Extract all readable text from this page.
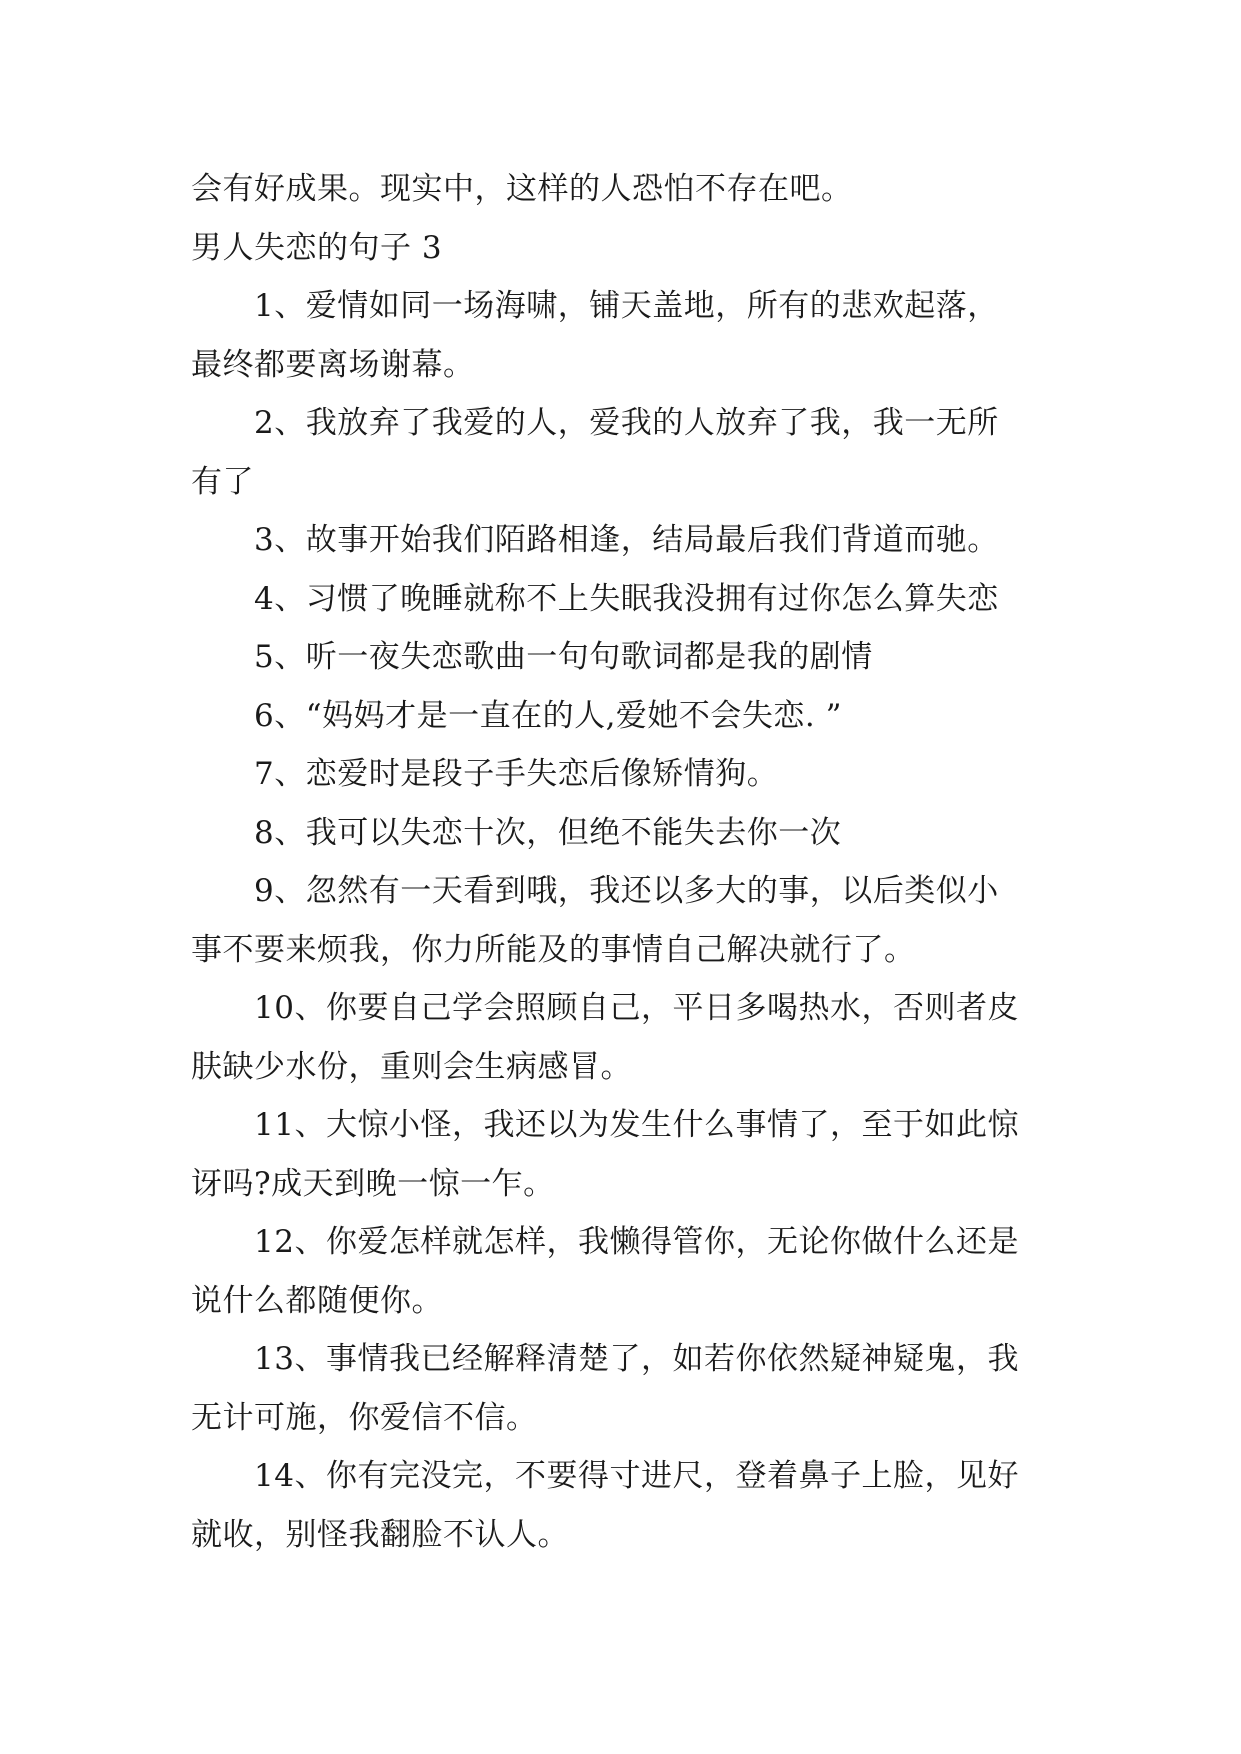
会有好成果。现实中，这样的人恐怕不存在吧。
男人失恋的句子 3
1、爱情如同一场海啸，铺天盖地，所有的悲欢起落，
最终都要离场谢幕。
2、我放弃了我爱的人，爱我的人放弃了我，我一无所
有了
3、故事开始我们陌路相逢，结局最后我们背道而驰。
4、习惯了晚睡就称不上失眠我没拥有过你怎么算失恋
5、听一夜失恋歌曲一句句歌词都是我的剧情
6、“妈妈才是一直在的人,爱她不会失恋. ”
7、恋爱时是段子手失恋后像矫情狗。
8、我可以失恋十次，但绝不能失去你一次
9、忽然有一天看到哦，我还以多大的事，以后类似小
事不要来烦我，你力所能及的事情自己解决就行了。
10、你要自己学会照顾自己，平日多喝热水，否则者皮
肤缺少水份，重则会生病感冒。
11、大惊小怪，我还以为发生什么事情了，至于如此惊
讶吗?成天到晚一惊一乍。
12、你爱怎样就怎样，我懒得管你，无论你做什么还是
说什么都随便你。
13、事情我已经解释清楚了，如若你依然疑神疑鬼，我
无计可施，你爱信不信。
14、你有完没完，不要得寸进尺，登着鼻子上脸，见好
就收，别怪我翻脸不认人。
